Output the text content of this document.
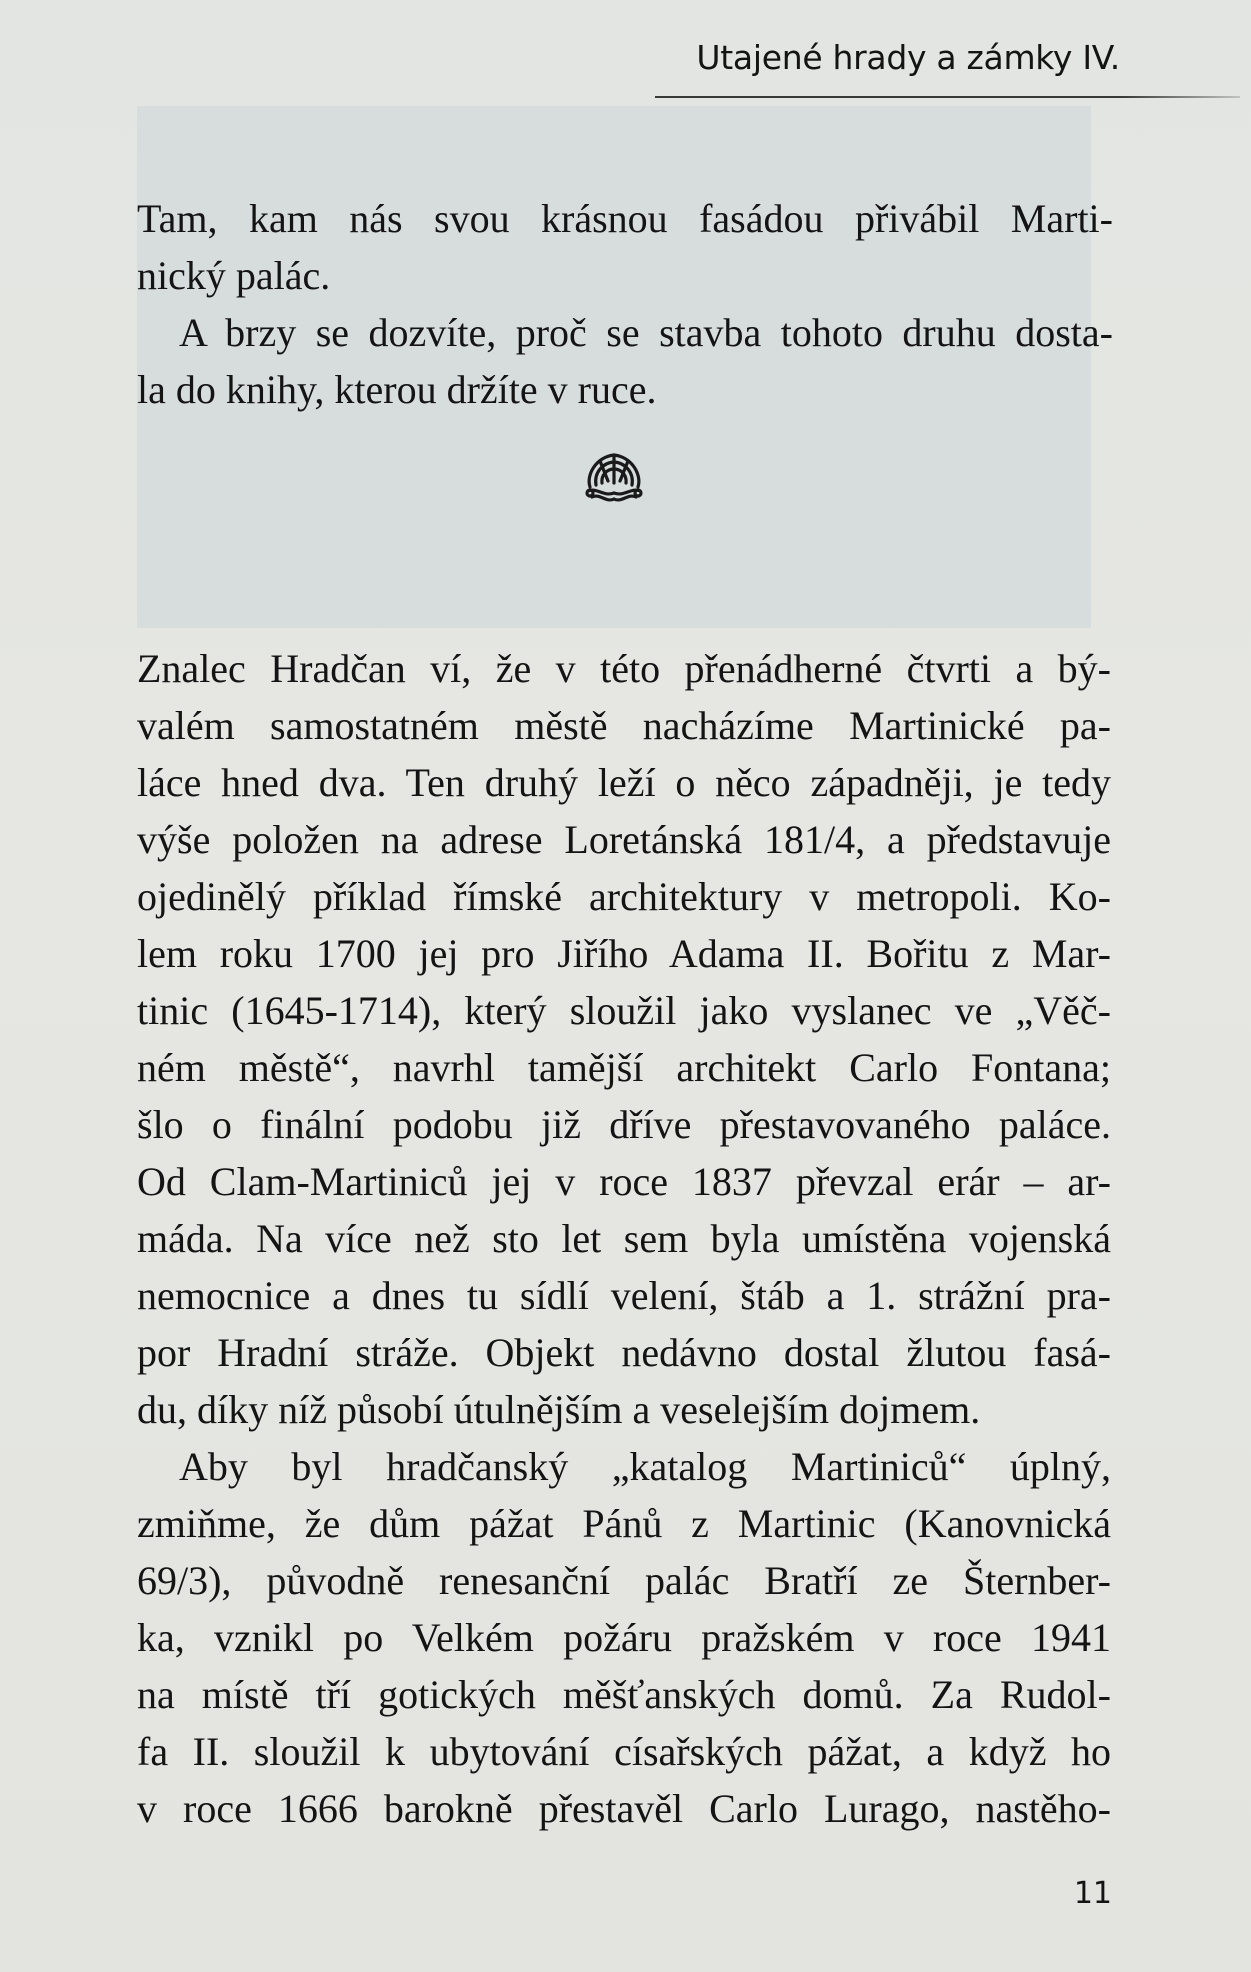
Utajené hrady a zámky IV.
Tam, kam nás svou krásnou fasádou přivábil Marti-
nický palác.
A brzy se dozvíte, proč se stavba tohoto druhu dosta-
la do knihy, kterou držíte v ruce.
Znalec Hradčan ví, že v této přenádherné čtvrti a bý-
valém samostatném městě nacházíme Martinické pa-
láce hned dva. Ten druhý leží o něco západněji, je tedy
výše položen na adrese Loretánská 181/4, a představuje
ojedinělý příklad římské architektury v metropoli. Ko-
lem roku 1700 jej pro Jiřího Adama II. Bořitu z Mar-
tinic (1645-1714), který sloužil jako vyslanec ve „Věč-
ném městě“, navrhl tamější architekt Carlo Fontana;
šlo o finální podobu již dříve přestavovaného paláce.
Od Clam-Martiniců jej v roce 1837 převzal erár – ar-
máda. Na více než sto let sem byla umístěna vojenská
nemocnice a dnes tu sídlí velení, štáb a 1. strážní pra-
por Hradní stráže. Objekt nedávno dostal žlutou fasá-
du, díky níž působí útulnějším a veselejším dojmem.
Aby byl hradčanský „katalog Martiniců“ úplný,
zmiňme, že dům pážat Pánů z Martinic (Kanovnická
69/3), původně renesanční palác Bratří ze Šternber-
ka, vznikl po Velkém požáru pražském v roce 1941
na místě tří gotických měšťanských domů. Za Rudol-
fa II. sloužil k ubytování císařských pážat, a když ho
v roce 1666 barokně přestavěl Carlo Lurago, nastěho-
11
